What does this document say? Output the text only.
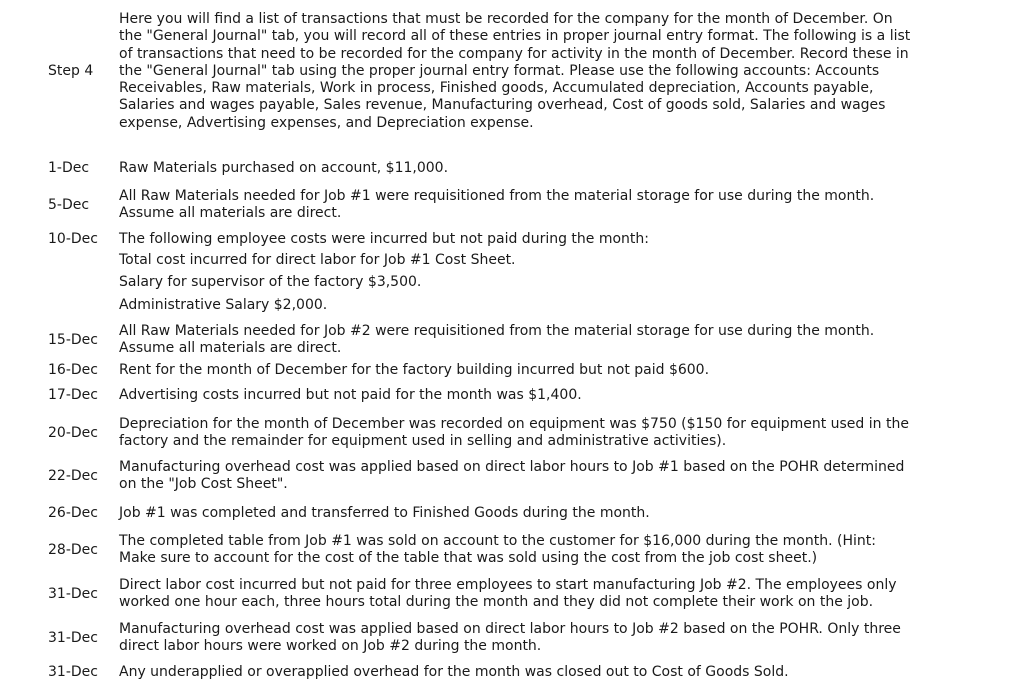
Step 4
Here you will find a list of transactions that must be recorded for the company for the month of December. On
the "General Journal" tab, you will record all of these entries in proper journal entry format. The following is a list
of transactions that need to be recorded for the company for activity in the month of December. Record these in
the "General Journal" tab using the proper journal entry format. Please use the following accounts: Accounts
Receivables, Raw materials, Work in process, Finished goods, Accumulated depreciation, Accounts payable,
Salaries and wages payable, Sales revenue, Manufacturing overhead, Cost of goods sold, Salaries and wages
expense, Advertising expenses, and Depreciation expense.
1-Dec Raw Materials purchased on account, $11,000.
5-Dec
All Raw Materials needed for Job #1 were requisitioned from the material storage for use during the month.
Assume all materials are direct.
10-Dec The following employee costs were incurred but not paid during the month:
Total cost incurred for direct labor for Job #1 Cost Sheet.
Salary for supervisor of the factory $3,500.
Administrative Salary $2,000.
15-Dec
All Raw Materials needed for Job #2 were requisitioned from the material storage for use during the month.
Assume all materials are direct.
16-Dec Rent for the month of December for the factory building incurred but not paid $600.
17-Dec Advertising costs incurred but not paid for the month was $1,400.
20-Dec
Depreciation for the month of December was recorded on equipment was $750 ($150 for equipment used in the
factory and the remainder for equipment used in selling and administrative activities).
22-Dec
Manufacturing overhead cost was applied based on direct labor hours to Job #1 based on the POHR determined
on the "Job Cost Sheet".
26-Dec Job #1 was completed and transferred to Finished Goods during the month.
28-Dec
The completed table from Job #1 was sold on account to the customer for $16,000 during the month. (Hint:
Make sure to account for the cost of the table that was sold using the cost from the job cost sheet.)
31-Dec
Direct labor cost incurred but not paid for three employees to start manufacturing Job #2. The employees only
worked one hour each, three hours total during the month and they did not complete their work on the job.
31-Dec
Manufacturing overhead cost was applied based on direct labor hours to Job #2 based on the POHR. Only three
direct labor hours were worked on Job #2 during the month.
31-Dec Any underapplied or overapplied overhead for the month was closed out to Cost of Goods Sold.
